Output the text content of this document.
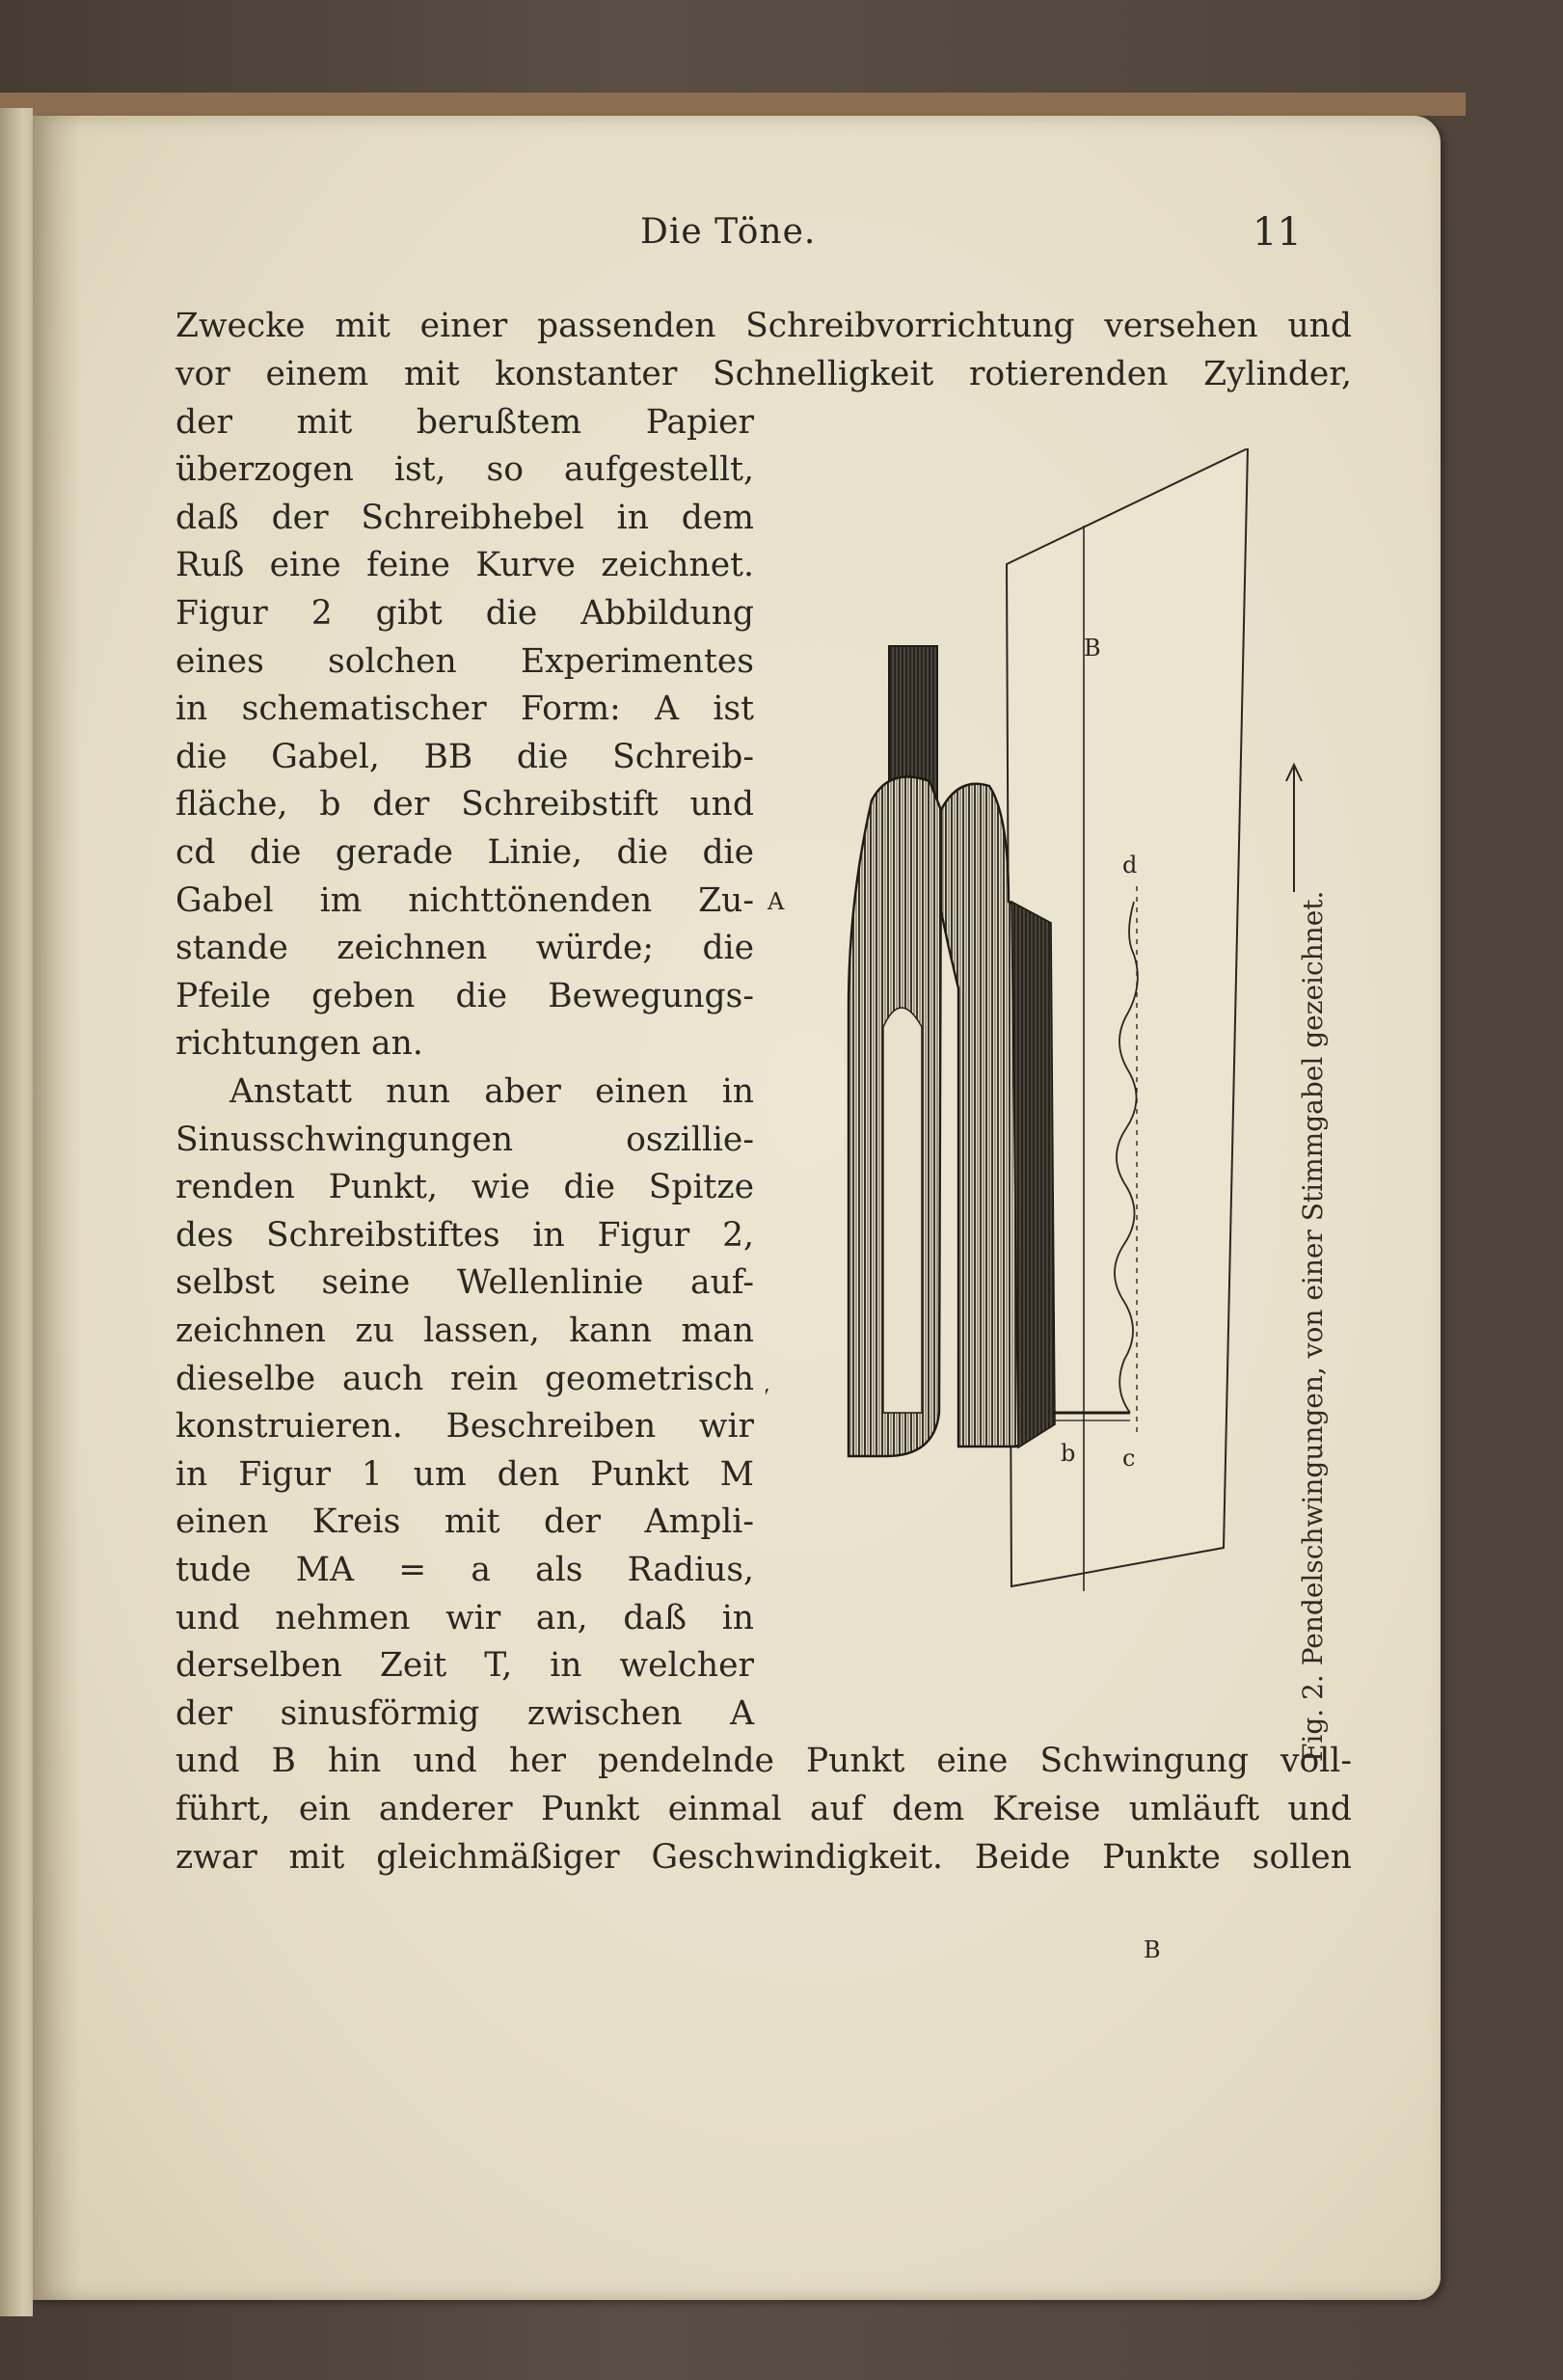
Die Töne.	11
Zwecke mit einer passenden Schreibvorrichtung versehen und
vor einem mit konstanter Schnelligkeit rotierenden Zylinder,
der mit berußtem Papier
überzogen ist, so aufgestellt,
daß der Schreibhebel in dem
Ruß eine feine Kurve zeichnet.
Figur 2 gibt die Abbildung
eines solchen Experimentes
in schematischer Form: A ist
die Gabel, BB die Schreib-
fläche, b der Schreibstift und
cd die gerade Linie, die die
Gabel im nichttönenden Zu-
stande zeichnen würde; die
Pfeile geben die Bewegungs-
richtungen an.
Anstatt nun aber einen in
Sinusschwingungen oszillie-
renden Punkt, wie die Spitze
des Schreibstiftes in Figur 2,
selbst seine Wellenlinie auf-
zeichnen zu lassen, kann man
dieselbe auch rein geometrisch
konstruieren. Beschreiben wir
in Figur 1 um den Punkt M
einen Kreis mit der Ampli-
tude MA = a als Radius,
und nehmen wir an, daß in
derselben Zeit T, in welcher
der sinusförmig zwischen A
und B hin und her pendelnde Punkt eine Schwingung voll-
führt, ein anderer Punkt einmal auf dem Kreise umläuft und
zwar mit gleichmäßiger Geschwindigkeit. Beide Punkte sollen
A
B
B
b c
d
Fig. 2. Pendelschwingungen, von einer Stimmgabel gezeichnet.
